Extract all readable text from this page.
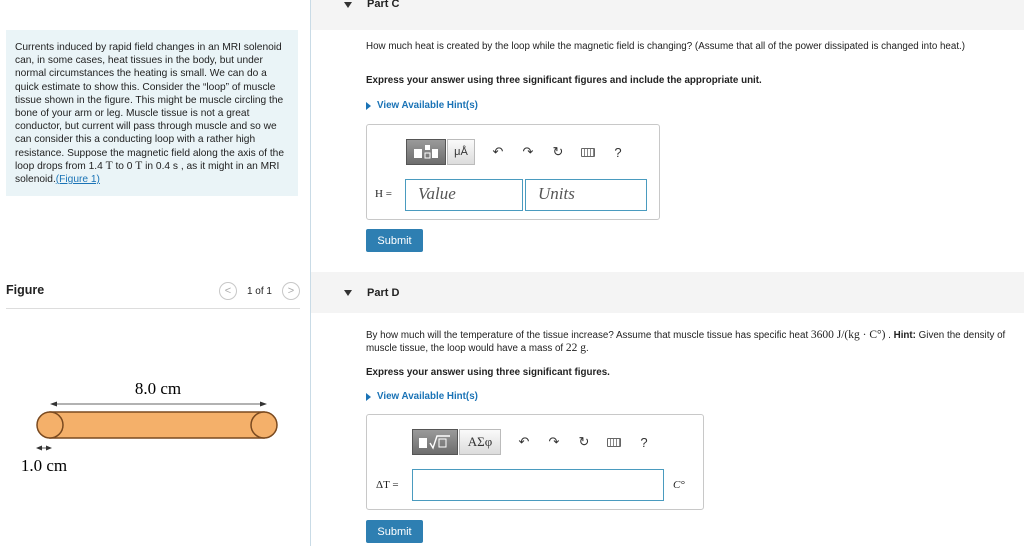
Currents induced by rapid field changes in an MRI solenoid can, in some cases, heat tissues in the body, but under normal circumstances the heating is small. We can do a quick estimate to show this. Consider the “loop” of muscle tissue shown in the figure. This might be muscle circling the bone of your arm or leg. Muscle tissue is not a great conductor, but current will pass through muscle and so we can consider this a conducting loop with a rather high resistance. Suppose the magnetic field along the axis of the loop drops from 1.4 T to 0 T in 0.4 s , as it might in an MRI solenoid.(Figure 1)
Figure	<	1 of 1	>
8.0 cm
1.0 cm
Part C
How much heat is created by the loop while the magnetic field is changing? (Assume that all of the power dissipated is changed into heat.)
Express your answer using three significant figures and include the appropriate unit.
View Available Hint(s)
μÅ	↶	↷	↻	?
H =	Value	Units
Submit
Part D
By how much will the temperature of the tissue increase? Assume that muscle tissue has specific heat 3600 J/(kg · C°) . Hint: Given the density of muscle tissue, the loop would have a mass of 22 g.
Express your answer using three significant figures.
View Available Hint(s)
ΑΣφ	↶	↷	↻	?
ΔT =	C°
Submit
